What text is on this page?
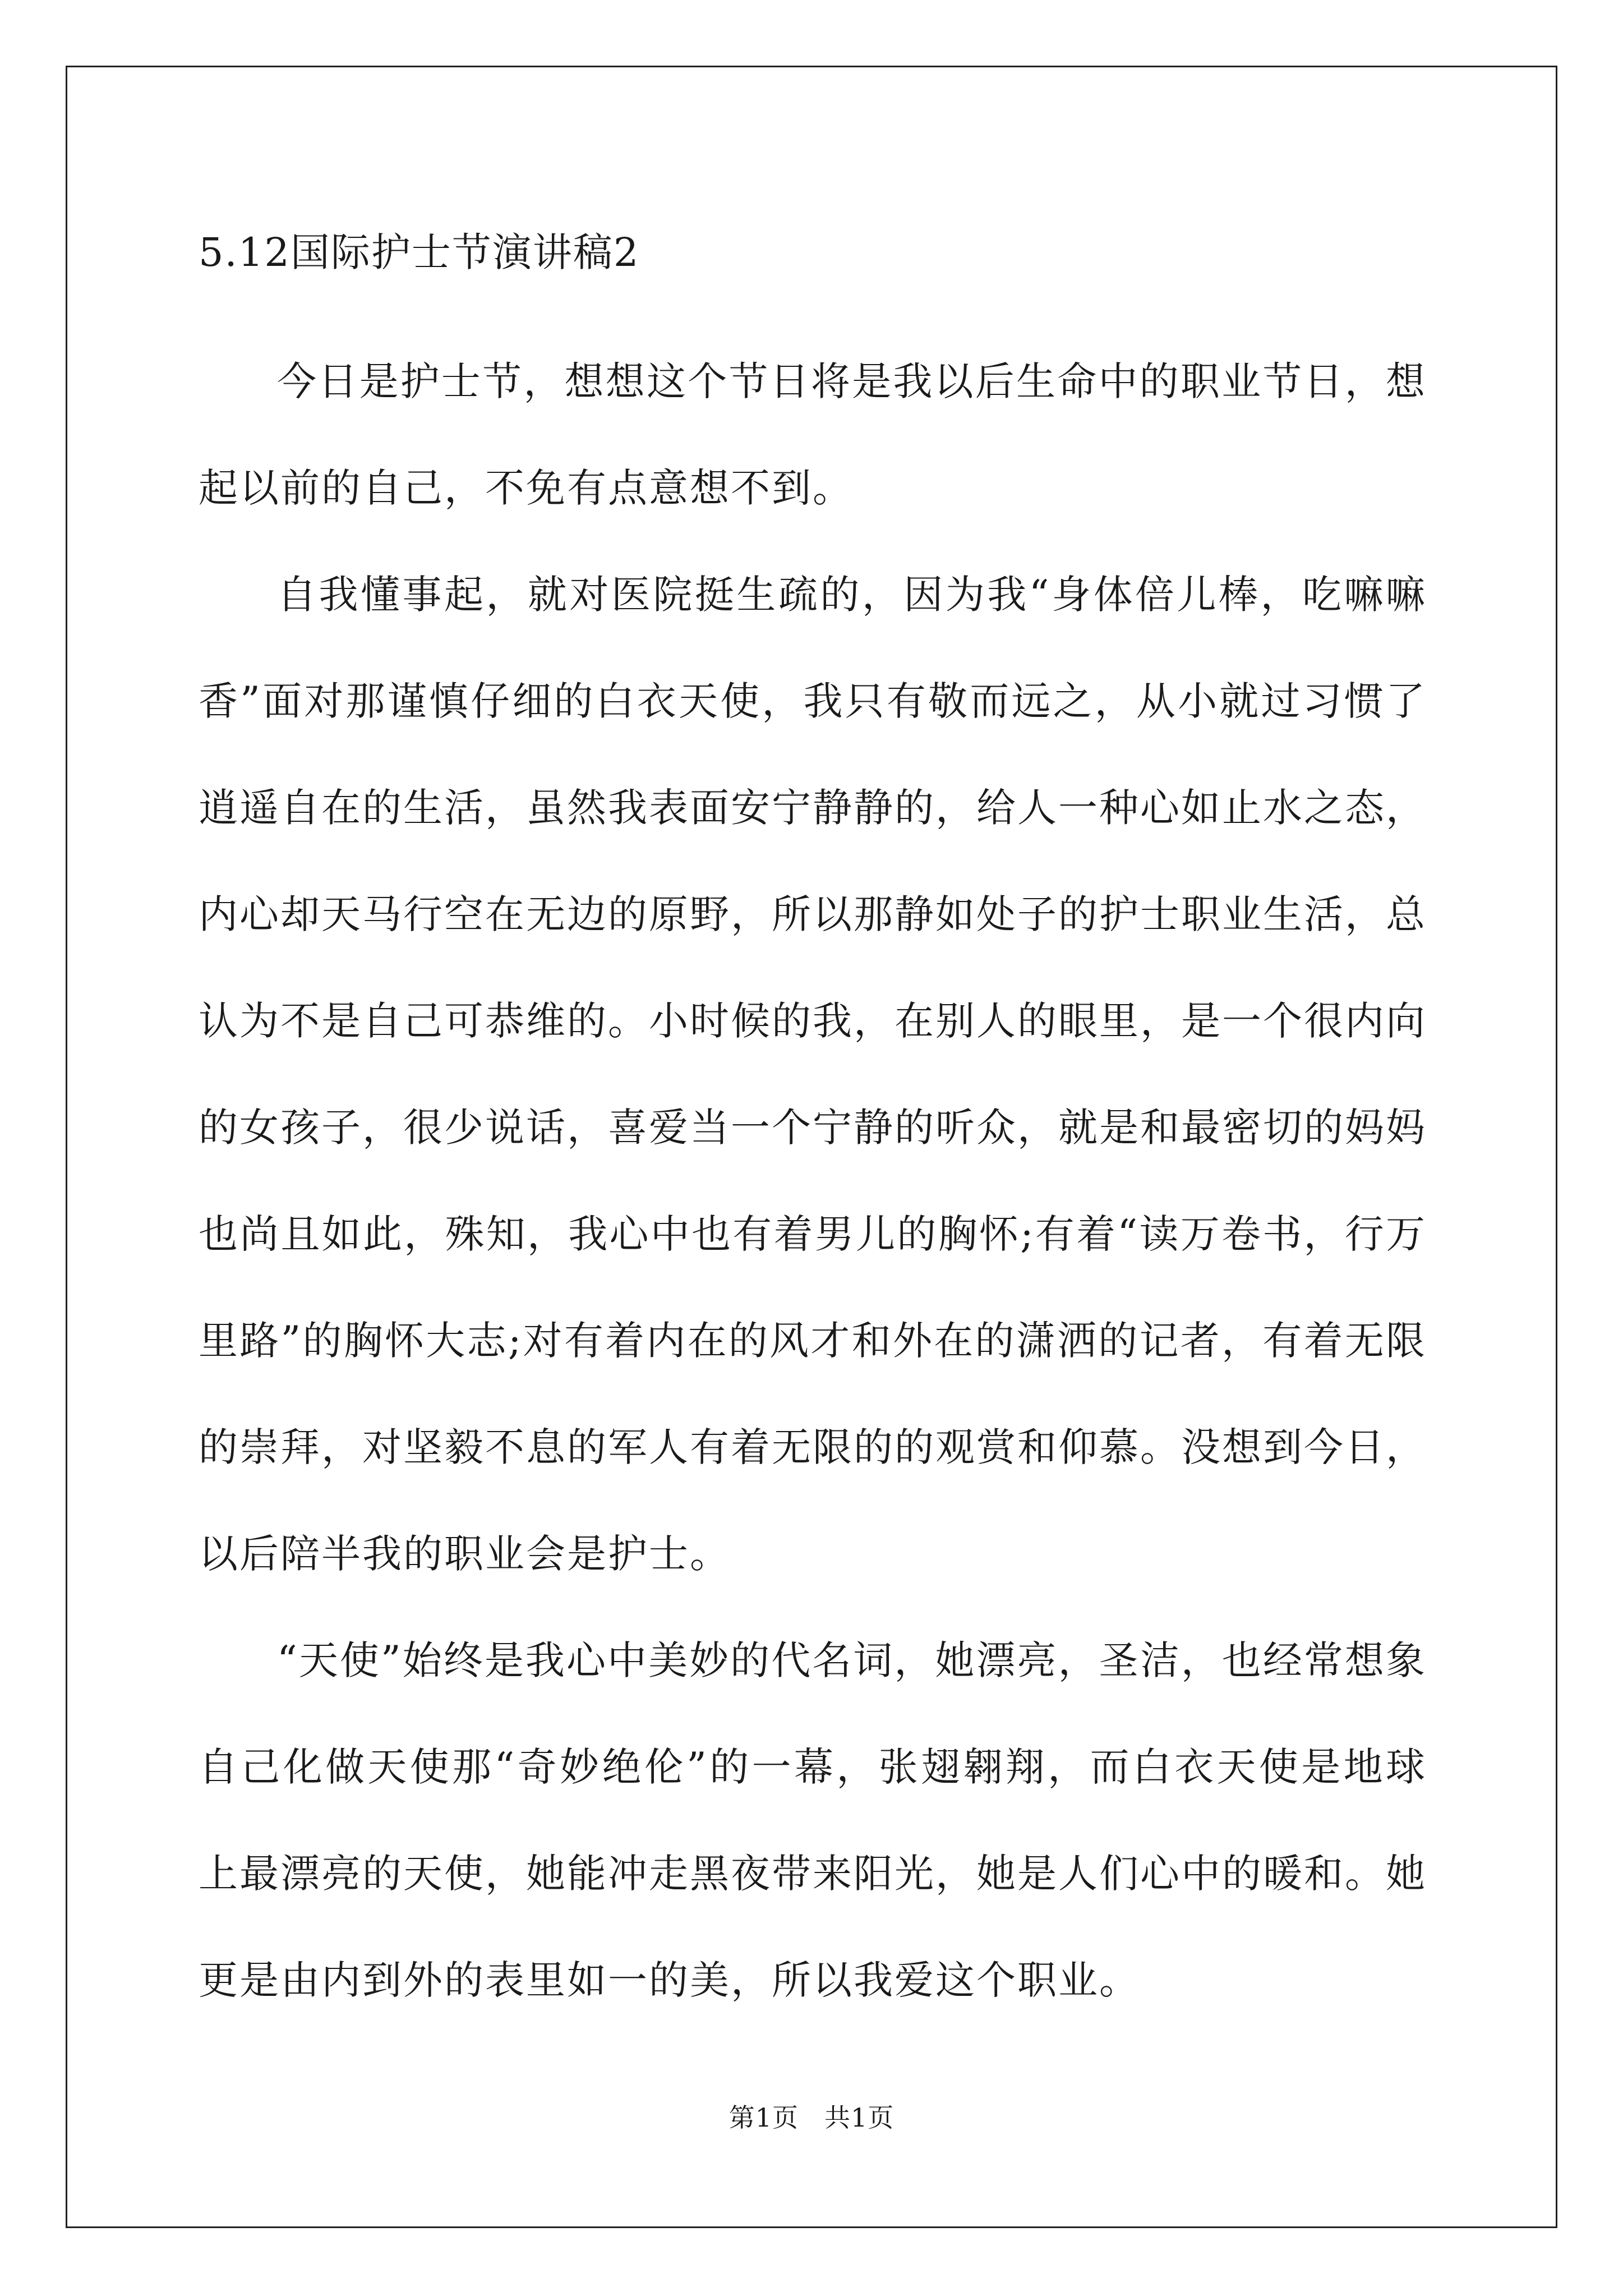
5.12国际护士节演讲稿2

今日是护士节，想想这个节日将是我以后生命中的职业节日，想起以前的自己，不免有点意想不到。

自我懂事起，就对医院挺生疏的，因为我“身体倍儿棒，吃嘛嘛香”面对那谨慎仔细的白衣天使，我只有敬而远之，从小就过习惯了逍遥自在的生活，虽然我表面安宁静静的，给人一种心如止水之态，内心却天马行空在无边的原野，所以那静如处子的护士职业生活，总认为不是自己可恭维的。小时候的我，在别人的眼里，是一个很内向的女孩子，很少说话，喜爱当一个宁静的听众，就是和最密切的妈妈也尚且如此，殊知，我心中也有着男儿的胸怀;有着“读万卷书，行万里路”的胸怀大志;对有着内在的风才和外在的潇洒的记者，有着无限的崇拜，对坚毅不息的军人有着无限的的观赏和仰慕。没想到今日，以后陪半我的职业会是护士。

“天使”始终是我心中美妙的代名词，她漂亮，圣洁，也经常想象自己化做天使那“奇妙绝伦”的一幕，张翅翱翔，而白衣天使是地球上最漂亮的天使，她能冲走黑夜带来阳光，她是人们心中的暖和。她更是由内到外的表里如一的美，所以我爱这个职业。

第1页 共1页
